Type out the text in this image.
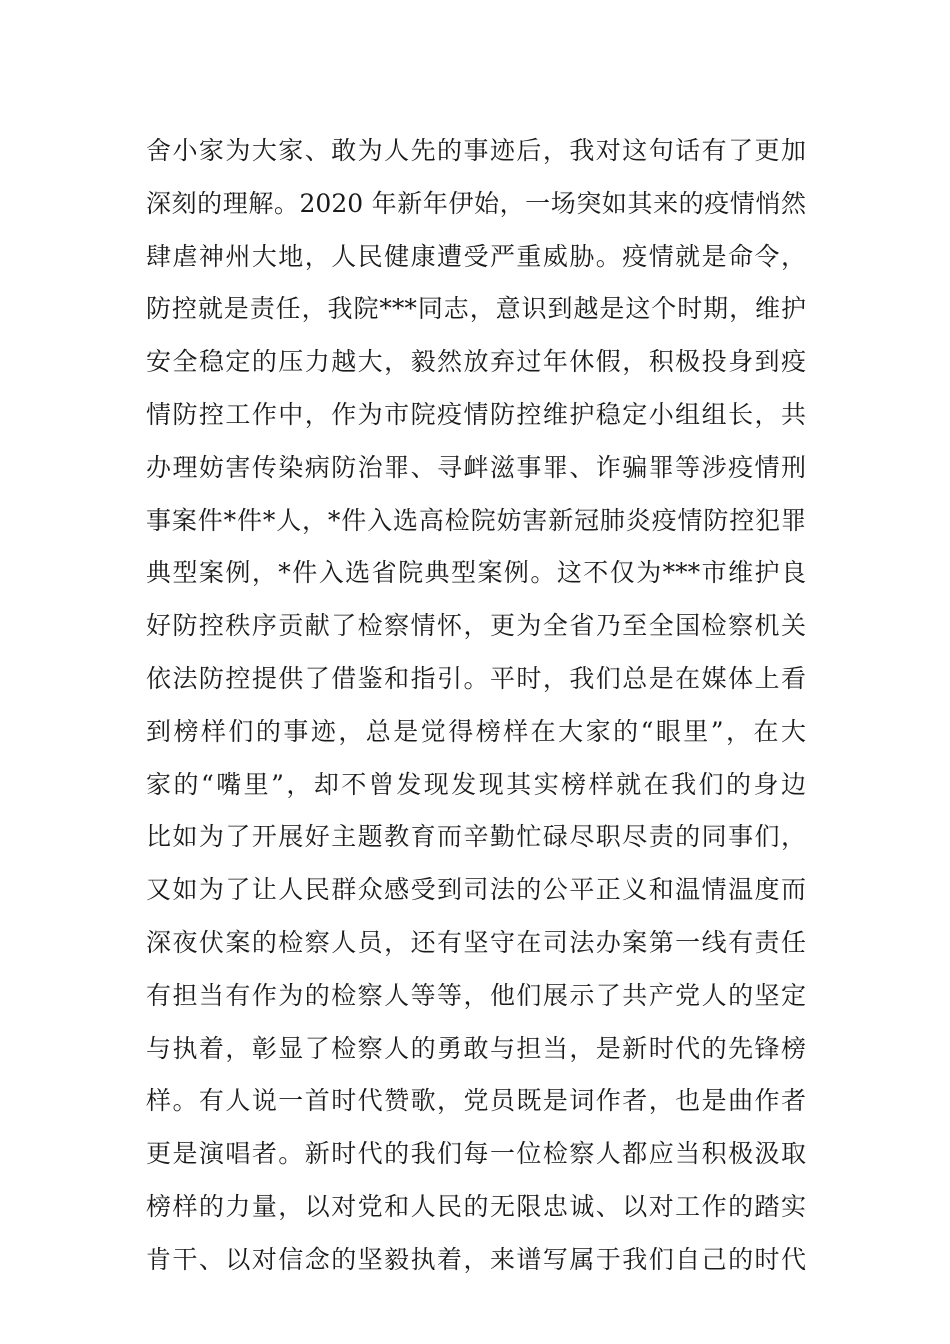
舍小家为大家、敢为人先的事迹后，我对这句话有了更加
深刻的理解。2020 年新年伊始，一场突如其来的疫情悄然
肆虐神州大地，人民健康遭受严重威胁。疫情就是命令，
防控就是责任，我院***同志，意识到越是这个时期，维护
安全稳定的压力越大，毅然放弃过年休假，积极投身到疫
情防控工作中，作为市院疫情防控维护稳定小组组长，共
办理妨害传染病防治罪、寻衅滋事罪、诈骗罪等涉疫情刑
事案件*件*人，*件入选高检院妨害新冠肺炎疫情防控犯罪
典型案例，*件入选省院典型案例。这不仅为***市维护良
好防控秩序贡献了检察情怀，更为全省乃至全国检察机关
依法防控提供了借鉴和指引。平时，我们总是在媒体上看
到榜样们的事迹，总是觉得榜样在大家的“眼里”，在大
家的“嘴里”，却不曾发现发现其实榜样就在我们的身边
比如为了开展好主题教育而辛勤忙碌尽职尽责的同事们，
又如为了让人民群众感受到司法的公平正义和温情温度而
深夜伏案的检察人员，还有坚守在司法办案第一线有责任
有担当有作为的检察人等等，他们展示了共产党人的坚定
与执着，彰显了检察人的勇敢与担当，是新时代的先锋榜
样。有人说一首时代赞歌，党员既是词作者，也是曲作者
更是演唱者。新时代的我们每一位检察人都应当积极汲取
榜样的力量，以对党和人民的无限忠诚、以对工作的踏实
肯干、以对信念的坚毅执着，来谱写属于我们自己的时代
